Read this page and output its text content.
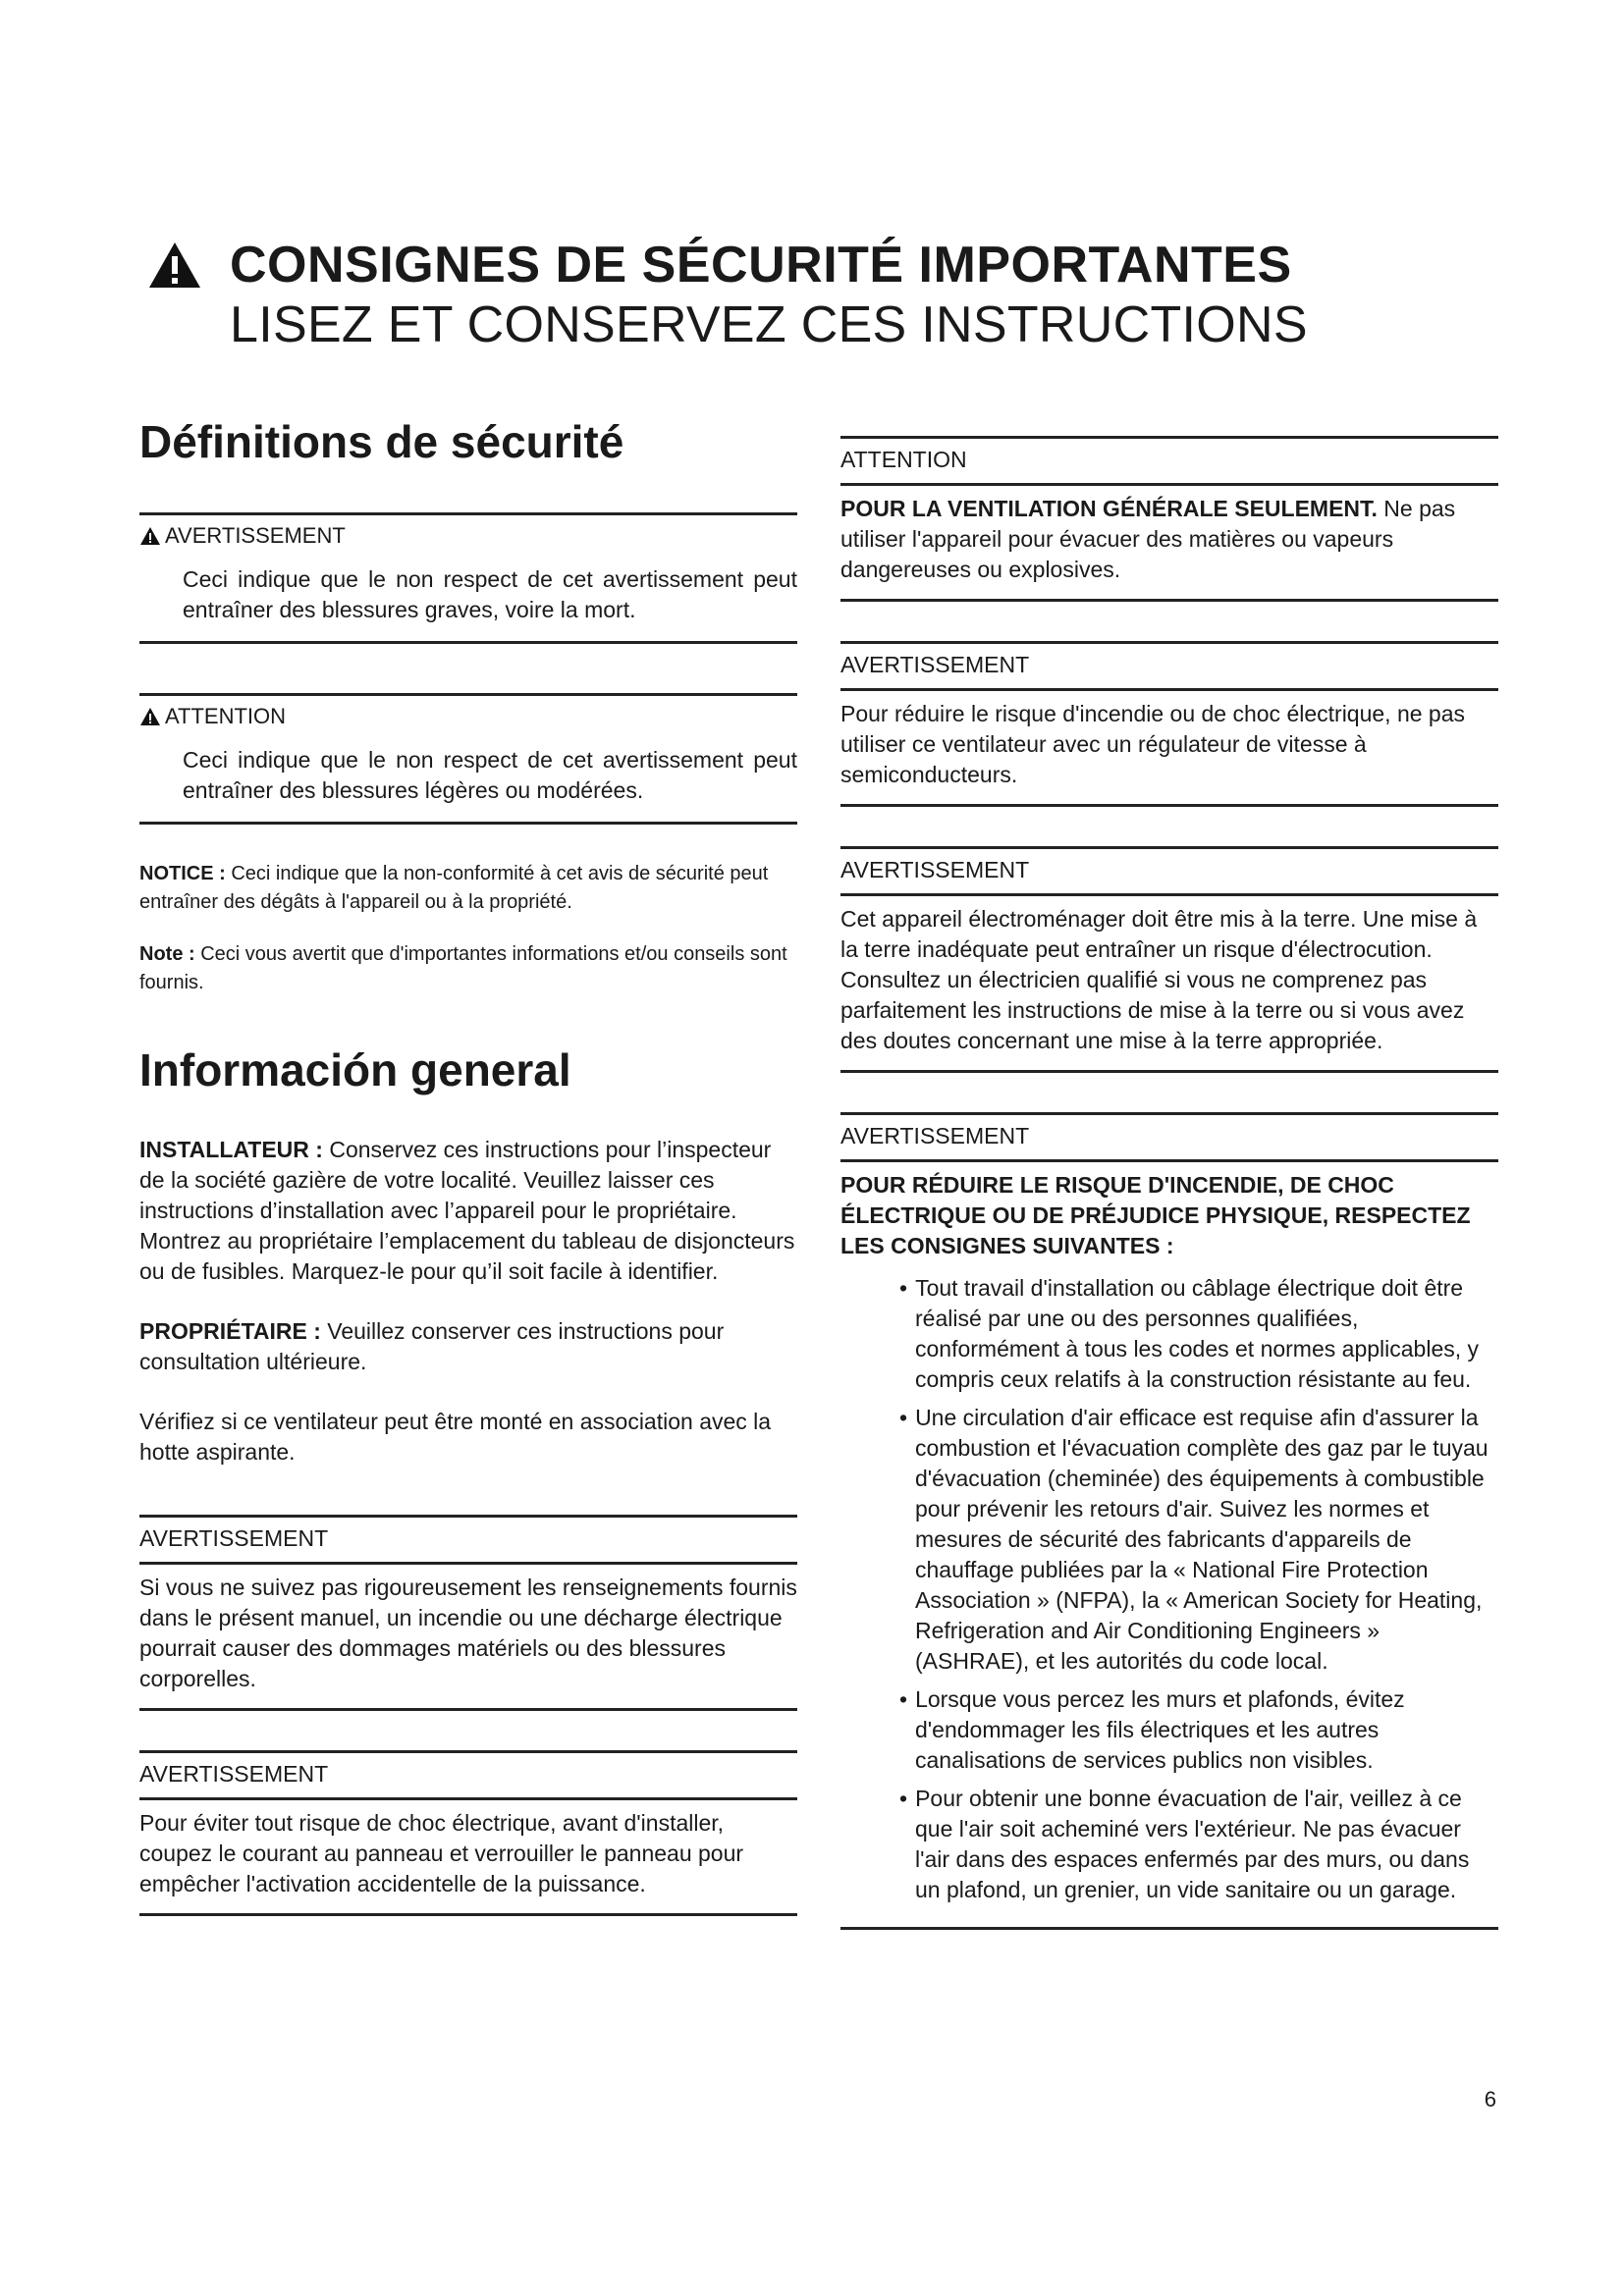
CONSIGNES DE SÉCURITÉ IMPORTANTES
LISEZ ET CONSERVEZ CES INSTRUCTIONS
Définitions de sécurité
AVERTISSEMENT
Ceci indique que le non respect de cet avertissement peut entraîner des blessures graves, voire la mort.
ATTENTION
Ceci indique que le non respect de cet avertissement peut entraîner des blessures légères ou modérées.

NOTICE : Ceci indique que la non-conformité à cet avis de sécurité peut entraîner des dégâts à l'appareil ou à la propriété.

Note : Ceci vous avertit que d'importantes informations et/ou conseils sont fournis.

Información general

INSTALLATEUR : Conservez ces instructions pour l’inspecteur de la société gazière de votre localité. Veuillez laisser ces instructions d’installation avec l’appareil pour le propriétaire. Montrez au propriétaire l’emplacement du tableau de disjoncteurs ou de fusibles. Marquez-le pour qu’il soit facile à identifier.

PROPRIÉTAIRE : Veuillez conserver ces instructions pour consultation ultérieure.

Vérifiez si ce ventilateur peut être monté en association avec la hotte aspirante.

AVERTISSEMENT
Si vous ne suivez pas rigoureusement les renseignements fournis dans le présent manuel, un incendie ou une décharge électrique pourrait causer des dommages matériels ou des blessures corporelles.
AVERTISSEMENT
Pour éviter tout risque de choc électrique, avant d'installer, coupez le courant au panneau et verrouiller le panneau pour empêcher l'activation accidentelle de la puissance.
ATTENTION
POUR LA VENTILATION GÉNÉRALE SEULEMENT. Ne pas utiliser l'appareil pour évacuer des matières ou vapeurs dangereuses ou explosives.
AVERTISSEMENT
Pour réduire le risque d'incendie ou de choc électrique, ne pas utiliser ce ventilateur avec un régulateur de vitesse à semiconducteurs.
AVERTISSEMENT
Cet appareil électroménager doit être mis à la terre. Une mise à la terre inadéquate peut entraîner un risque d'électrocution. Consultez un électricien qualifié si vous ne comprenez pas parfaitement les instructions de mise à la terre ou si vous avez des doutes concernant une mise à la terre appropriée.
AVERTISSEMENT
POUR RÉDUIRE LE RISQUE D'INCENDIE, DE CHOC ÉLECTRIQUE OU DE PRÉJUDICE PHYSIQUE, RESPECTEZ LES CONSIGNES SUIVANTES :
• Tout travail d'installation ou câblage électrique doit être réalisé par une ou des personnes qualifiées, conformément à tous les codes et normes applicables, y compris ceux relatifs à la construction résistante au feu.
• Une circulation d'air efficace est requise afin d'assurer la combustion et l'évacuation complète des gaz par le tuyau d'évacuation (cheminée) des équipements à combustible pour prévenir les retours d'air. Suivez les normes et mesures de sécurité des fabricants d'appareils de chauffage publiées par la « National Fire Protection Association » (NFPA), la « American Society for Heating, Refrigeration and Air Conditioning Engineers » (ASHRAE), et les autorités du code local.
• Lorsque vous percez les murs et plafonds, évitez d'endommager les fils électriques et les autres canalisations de services publics non visibles.
• Pour obtenir une bonne évacuation de l'air, veillez à ce que l'air soit acheminé vers l'extérieur. Ne pas évacuer l'air dans des espaces enfermés par des murs, ou dans un plafond, un grenier, un vide sanitaire ou un garage.
6
